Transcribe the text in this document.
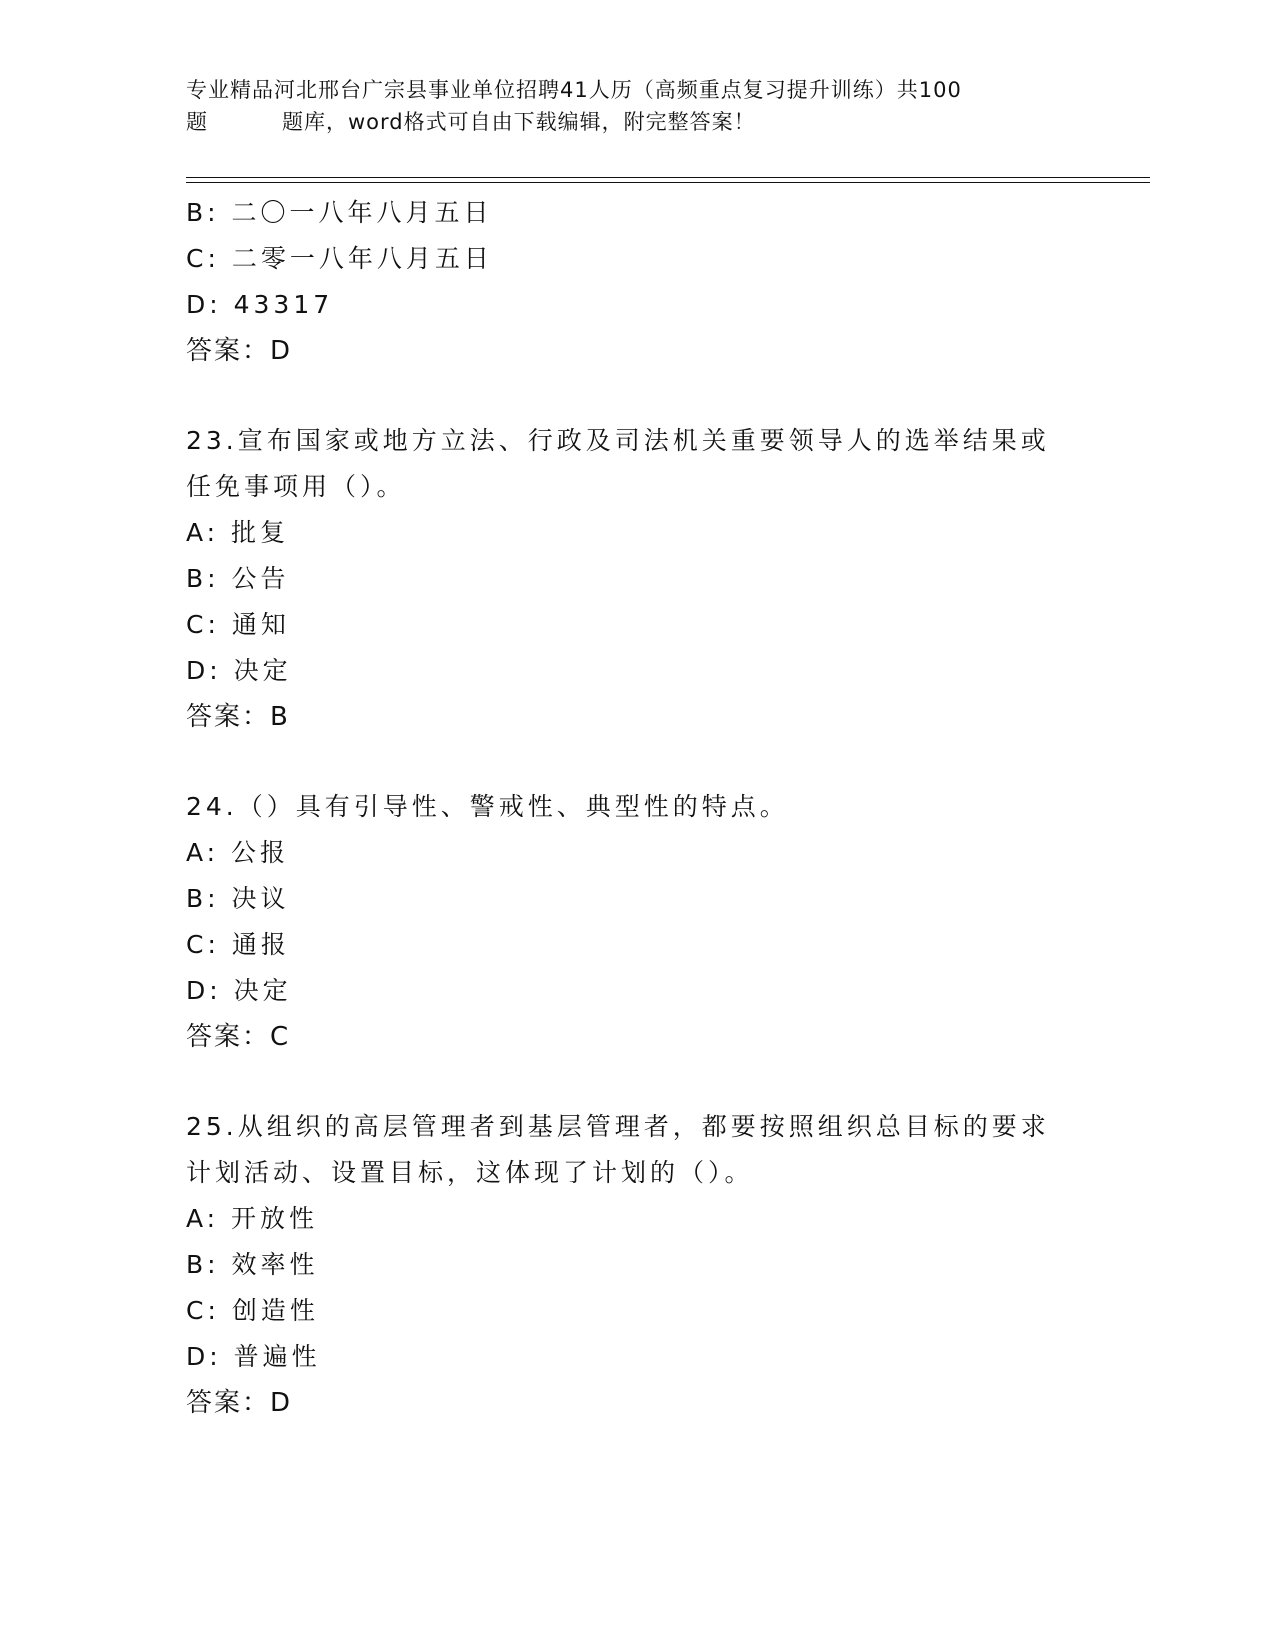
专业精品河北邢台广宗县事业单位招聘41人历（高频重点复习提升训练）共100
题	题库，word格式可自由下载编辑，附完整答案！
B: 二〇一八年八月五日
C: 二零一八年八月五日
D: 43317
答案：D
23.宣布国家或地方立法、行政及司法机关重要领导人的选举结果或任免事项用（）。
A: 批复
B: 公告
C: 通知
D: 决定
答案：B
24.（）具有引导性、警戒性、典型性的特点。
A: 公报
B: 决议
C: 通报
D: 决定
答案：C
25.从组织的高层管理者到基层管理者，都要按照组织总目标的要求计划活动、设置目标，这体现了计划的（）。
A: 开放性
B: 效率性
C: 创造性
D: 普遍性
答案：D
